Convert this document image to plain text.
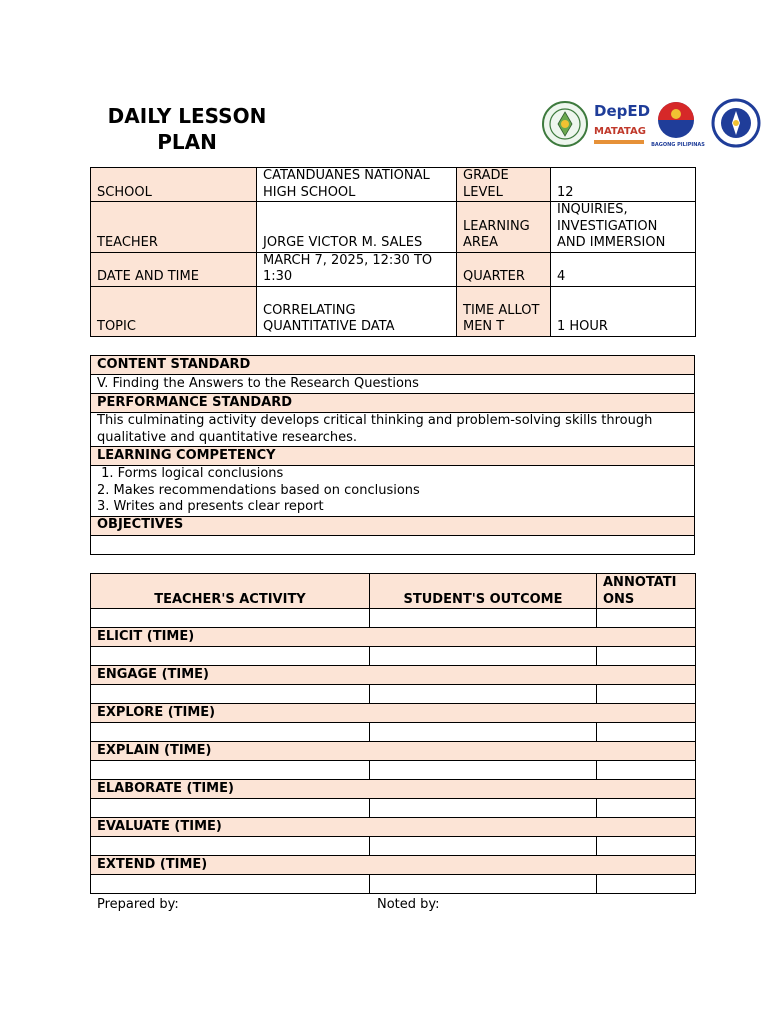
DAILY LESSON PLAN
DepED
MATATAG
BAGONG PILIPINAS
SCHOOL	CATANDUANES NATIONAL HIGH SCHOOL	GRADE LEVEL	12
TEACHER	JORGE VICTOR M. SALES	LEARNING AREA	INQUIRIES, INVESTIGATION AND IMMERSION
DATE AND TIME	MARCH 7, 2025, 12:30 TO 1:30	QUARTER	4
TOPIC	CORRELATING QUANTITATIVE DATA	TIME ALLOTMEN T	1 HOUR
CONTENT STANDARD
V. Finding the Answers to the Research Questions
PERFORMANCE STANDARD
This culminating activity develops critical thinking and problem-solving skills through qualitative and quantitative researches.
LEARNING COMPETENCY

1. Forms logical conclusions
2. Makes recommendations based on conclusions
3. Writes and presents clear report

OBJECTIVES

TEACHER'S ACTIVITY	STUDENT'S OUTCOME	ANNOTATI ONS

ELICIT (TIME)		

ENGAGE (TIME)		

EXPLORE (TIME)		

EXPLAIN (TIME)		

ELABORATE (TIME)		

EVALUATE (TIME)		

EXTEND (TIME)		

Prepared by:	Noted by:
